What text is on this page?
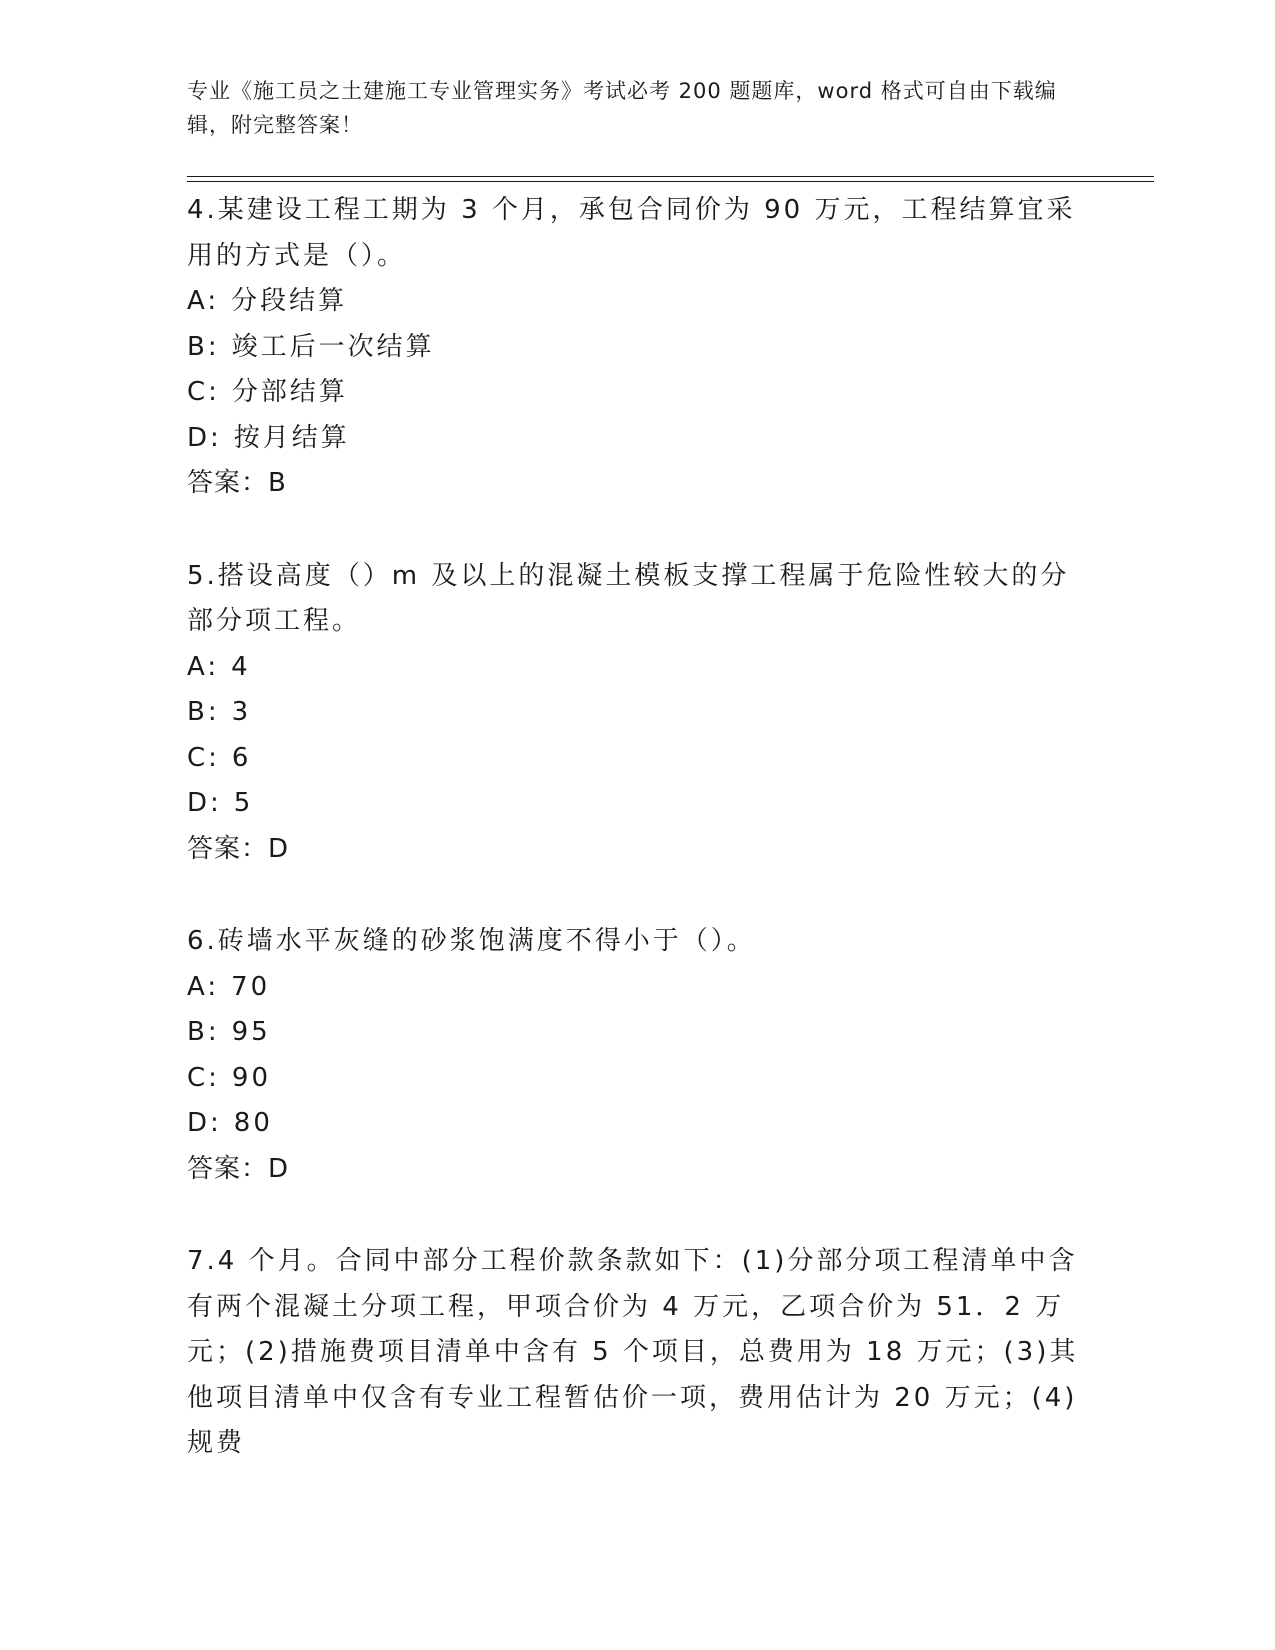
专业《施工员之土建施工专业管理实务》考试必考 200 题题库，word 格式可自由下载编辑，附完整答案！
4.某建设工程工期为 3 个月，承包合同价为 90 万元，工程结算宜采用的方式是（）。
A: 分段结算
B: 竣工后一次结算
C: 分部结算
D: 按月结算
答案：B
5.搭设高度（）m 及以上的混凝土模板支撑工程属于危险性较大的分部分项工程。
A: 4
B: 3
C: 6
D: 5
答案：D
6.砖墙水平灰缝的砂浆饱满度不得小于（）。
A: 70
B: 95
C: 90
D: 80
答案：D
7.4 个月。合同中部分工程价款条款如下：(1)分部分项工程清单中含有两个混凝土分项工程，甲项合价为 4 万元，乙项合价为 51．2 万元；(2)措施费项目清单中含有 5 个项目，总费用为 18 万元；(3)其他项目清单中仅含有专业工程暂估价一项，费用估计为 20 万元；(4)规费
